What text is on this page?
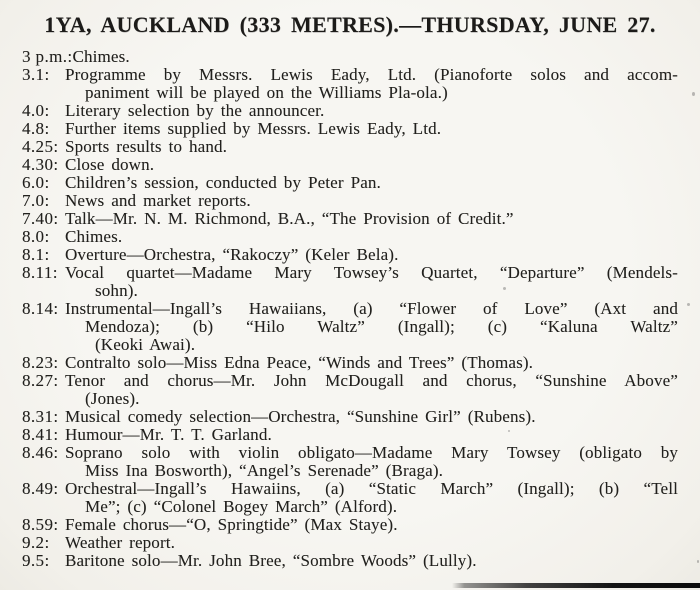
1YA, AUCKLAND (333 METRES).—THURSDAY, JUNE 27.
3 p.m.: Chimes.
3.1: Programme by Messrs. Lewis Eady, Ltd. (Pianoforte solos and accom-
paniment will be played on the Williams Pla-ola.)
4.0: Literary selection by the announcer.
4.8: Further items supplied by Messrs. Lewis Eady, Ltd.
4.25: Sports results to hand.
4.30: Close down.
6.0: Children’s session, conducted by Peter Pan.
7.0: News and market reports.
7.40: Talk—Mr. N. M. Richmond, B.A., “The Provision of Credit.”
8.0: Chimes.
8.1: Overture—Orchestra, “Rakoczy” (Keler Bela).
8.11: Vocal quartet—Madame Mary Towsey’s Quartet, “Departure” (Mendels-
sohn).
8.14: Instrumental—Ingall’s Hawaiians, (a) “Flower of Love” (Axt and
Mendoza); (b) “Hilo Waltz” (Ingall); (c) “Kaluna Waltz”
(Keoki Awai).
8.23: Contralto solo—Miss Edna Peace, “Winds and Trees” (Thomas).
8.27: Tenor and chorus—Mr. John McDougall and chorus, “Sunshine Above”
(Jones).
8.31: Musical comedy selection—Orchestra, “Sunshine Girl” (Rubens).
8.41: Humour—Mr. T. T. Garland.
8.46: Soprano solo with violin obligato—Madame Mary Towsey (obligato by
Miss Ina Bosworth), “Angel’s Serenade” (Braga).
8.49: Orchestral—Ingall’s Hawaiins, (a) “Static March” (Ingall); (b) “Tell
Me”; (c) “Colonel Bogey March” (Alford).
8.59: Female chorus—“O, Springtide” (Max Staye).
9.2: Weather report.
9.5: Baritone solo—Mr. John Bree, “Sombre Woods” (Lully).
